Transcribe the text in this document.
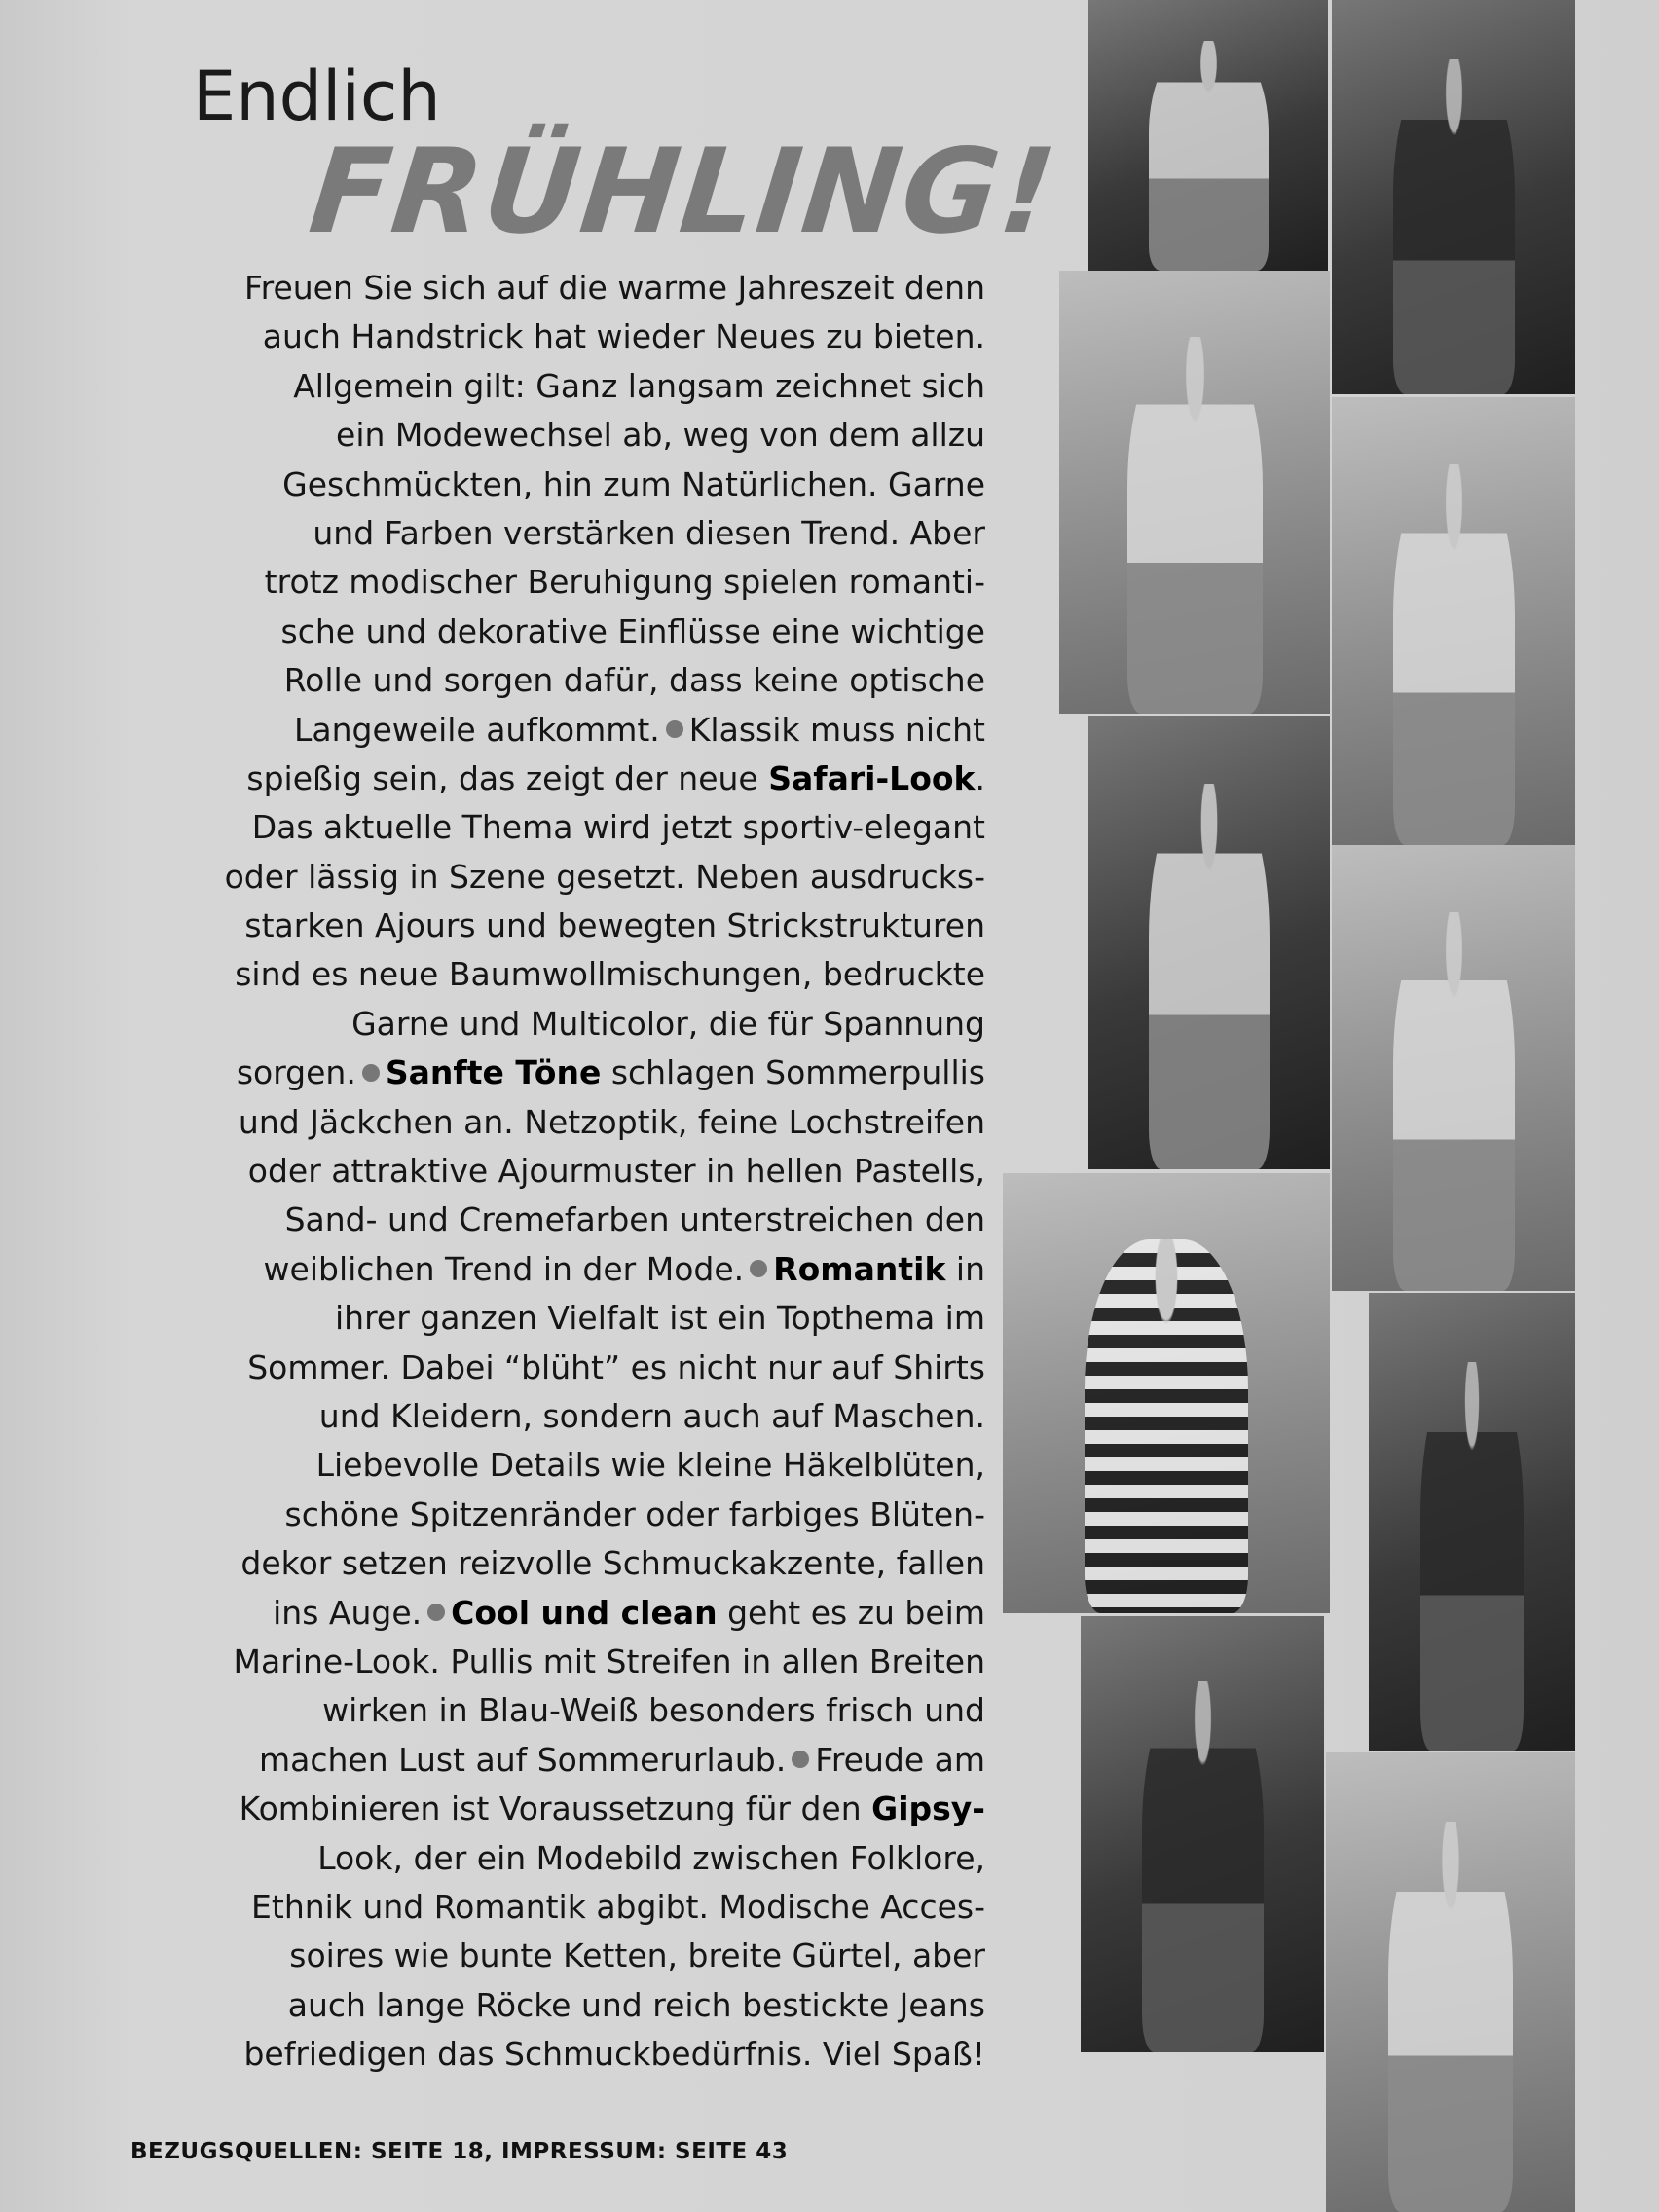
Endlich
FRÜHLING!
Freuen Sie sich auf die warme Jahreszeit denn
auch Handstrick hat wieder Neues zu bieten.
Allgemein gilt: Ganz langsam zeichnet sich
ein Modewechsel ab, weg von dem allzu
Geschmückten, hin zum Natürlichen. Garne
und Farben verstärken diesen Trend. Aber
trotz modischer Beruhigung spielen romanti-
sche und dekorative Einflüsse eine wichtige
Rolle und sorgen dafür, dass keine optische
Langeweile aufkommt. Klassik muss nicht
spießig sein, das zeigt der neue Safari-Look.
Das aktuelle Thema wird jetzt sportiv-elegant
oder lässig in Szene gesetzt. Neben ausdrucks-
starken Ajours und bewegten Strickstrukturen
sind es neue Baumwollmischungen, bedruckte
Garne und Multicolor, die für Spannung
sorgen. Sanfte Töne schlagen Sommerpullis
und Jäckchen an. Netzoptik, feine Lochstreifen
oder attraktive Ajourmuster in hellen Pastells,
Sand- und Cremefarben unterstreichen den
weiblichen Trend in der Mode. Romantik in
ihrer ganzen Vielfalt ist ein Topthema im
Sommer. Dabei “blüht” es nicht nur auf Shirts
und Kleidern, sondern auch auf Maschen.
Liebevolle Details wie kleine Häkelblüten,
schöne Spitzenränder oder farbiges Blüten-
dekor setzen reizvolle Schmuckakzente, fallen
ins Auge. Cool und clean geht es zu beim
Marine-Look. Pullis mit Streifen in allen Breiten
wirken in Blau-Weiß besonders frisch und
machen Lust auf Sommerurlaub. Freude am
Kombinieren ist Voraussetzung für den Gipsy-
Look, der ein Modebild zwischen Folklore,
Ethnik und Romantik abgibt. Modische Acces-
soires wie bunte Ketten, breite Gürtel, aber
auch lange Röcke und reich bestickte Jeans
befriedigen das Schmuckbedürfnis. Viel Spaß!

BEZUGSQUELLEN: SEITE 18, IMPRESSUM: SEITE 43
